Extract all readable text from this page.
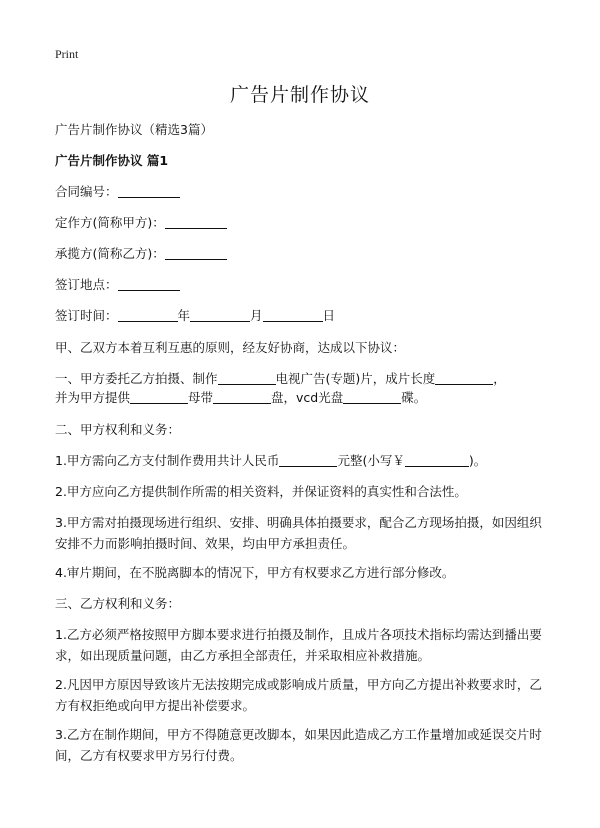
Print
广告片制作协议
广告片制作协议（精选3篇）
广告片制作协议 篇1
合同编号：
定作方(简称甲方)：
承揽方(简称乙方)：
签订地点：
签订时间：	年	月	日
甲、乙双方本着互利互惠的原则，经友好协商，达成以下协议：
一、甲方委托乙方拍摄、制作	电视广告(专题)片，成片长度	，
并为甲方提供	母带	盘，vcd光盘	碟。
二、甲方权利和义务：
1.甲方需向乙方支付制作费用共计人民币	元整(小写￥	)。
2.甲方应向乙方提供制作所需的相关资料，并保证资料的真实性和合法性。
3.甲方需对拍摄现场进行组织、安排、明确具体拍摄要求，配合乙方现场拍摄，如因组织安排不力而影响拍摄时间、效果，均由甲方承担责任。
4.审片期间，在不脱离脚本的情况下，甲方有权要求乙方进行部分修改。
三、乙方权利和义务：
1.乙方必须严格按照甲方脚本要求进行拍摄及制作，且成片各项技术指标均需达到播出要求，如出现质量问题，由乙方承担全部责任，并采取相应补救措施。
2.凡因甲方原因导致该片无法按期完成或影响成片质量，甲方向乙方提出补救要求时，乙方有权拒绝或向甲方提出补偿要求。
3.乙方在制作期间，甲方不得随意更改脚本，如果因此造成乙方工作量增加或延误交片时间，乙方有权要求甲方另行付费。
